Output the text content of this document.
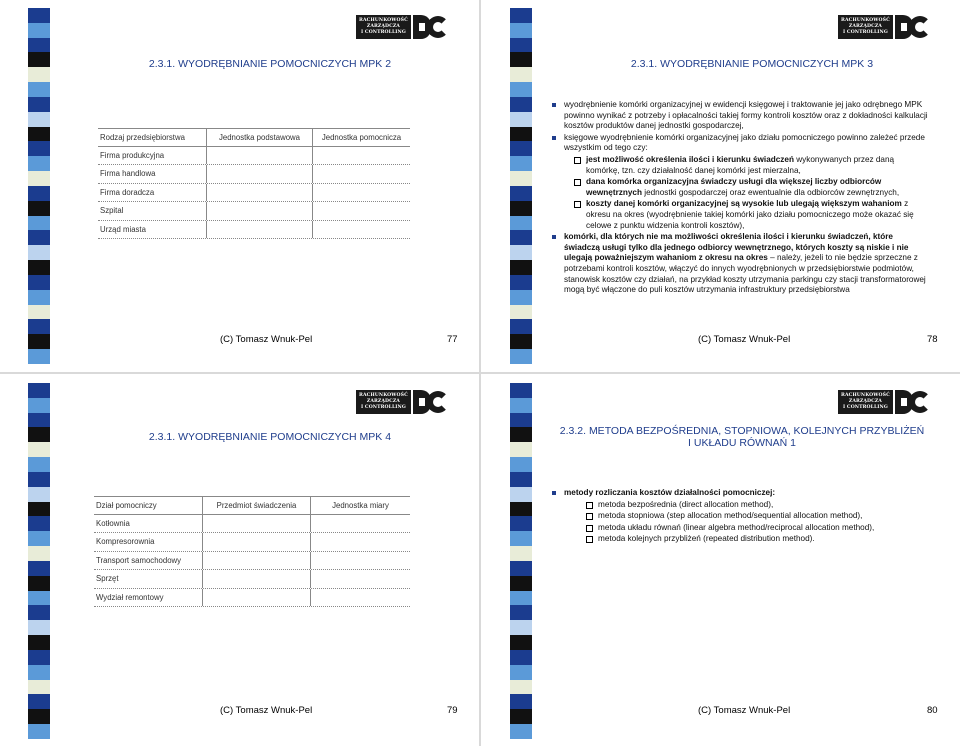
RACHUNKOWOŚĆ
ZARZĄDCZA
I CONTROLLING
2.3.1. WYODRĘBNIANIE POMOCNICZYCH MPK 2
Rodzaj przedsiębiorstwa	Jednostka podstawowa	Jednostka pomocnicza
Firma produkcyjna
Firma handlowa
Firma doradcza
Szpital
Urząd miasta
(C) Tomasz Wnuk-Pel	77
RACHUNKOWOŚĆ
ZARZĄDCZA
I CONTROLLING
2.3.1. WYODRĘBNIANIE POMOCNICZYCH MPK 3
wyodrębnienie komórki organizacyjnej w ewidencji księgowej i traktowanie jej jako odrębnego MPK powinno wynikać z potrzeby i opłacalności takiej formy kontroli kosztów oraz z dokładności kalkulacji kosztów produktów danej jednostki gospodarczej,
księgowe wyodrębnienie komórki organizacyjnej jako działu pomocniczego powinno zależeć przede wszystkim od tego czy:
jest możliwość określenia ilości i kierunku świadczeń wykonywanych przez daną komórkę, tzn. czy działalność danej komórki jest mierzalna,
dana komórka organizacyjna świadczy usługi dla większej liczby odbiorców wewnętrznych jednostki gospodarczej oraz ewentualnie dla odbiorców zewnętrznych,
koszty danej komórki organizacyjnej są wysokie lub ulegają większym wahaniom z okresu na okres (wyodrębnienie takiej komórki jako działu pomocniczego może okazać się celowe z punktu widzenia kontroli kosztów),
komórki, dla których nie ma możliwości określenia ilości i kierunku świadczeń, które świadczą usługi tylko dla jednego odbiorcy wewnętrznego, których koszty są niskie i nie ulegają poważniejszym wahaniom z okresu na okres – należy, jeżeli to nie będzie sprzeczne z potrzebami kontroli kosztów, włączyć do innych wyodrębnionych w przedsiębiorstwie podmiotów, stanowisk kosztów czy działań, na przykład koszty utrzymania parkingu czy stacji transformatorowej mogą być włączone do puli kosztów utrzymania infrastruktury przedsiębiorstwa
(C) Tomasz Wnuk-Pel	78
RACHUNKOWOŚĆ
ZARZĄDCZA
I CONTROLLING
2.3.1. WYODRĘBNIANIE POMOCNICZYCH MPK 4
Dział pomocniczy	Przedmiot świadczenia	Jednostka miary
Kotłownia
Kompresorownia
Transport samochodowy
Sprzęt
Wydział remontowy
(C) Tomasz Wnuk-Pel	79
RACHUNKOWOŚĆ
ZARZĄDCZA
I CONTROLLING
2.3.2. METODA BEZPOŚREDNIA, STOPNIOWA, KOLEJNYCH PRZYBLIŻEŃ
I UKŁADU RÓWNAŃ 1
metody rozliczania kosztów działalności pomocniczej:
metoda bezpośrednia (direct allocation method),
metoda stopniowa (step allocation method/sequential allocation method),
metoda układu równań (linear algebra method/reciprocal allocation method),
metoda kolejnych przybliżeń (repeated distribution method).
(C) Tomasz Wnuk-Pel	80
